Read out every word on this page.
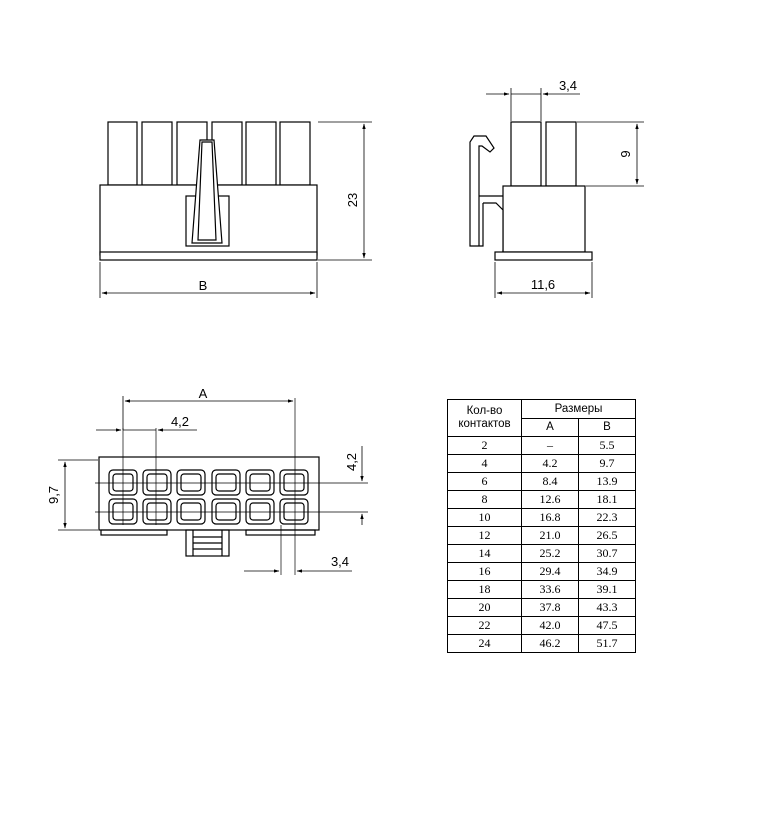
23
B
3,4
9
11,6
A
4,2
9,7
4,2
3,4
Кол-во контактов	Размеры	
	A	B
2	–	5.5
4	4.2	9.7
6	8.4	13.9
8	12.6	18.1
10	16.8	22.3
12	21.0	26.5
14	25.2	30.7
16	29.4	34.9
18	33.6	39.1
20	37.8	43.3
22	42.0	47.5
24	46.2	51.7
